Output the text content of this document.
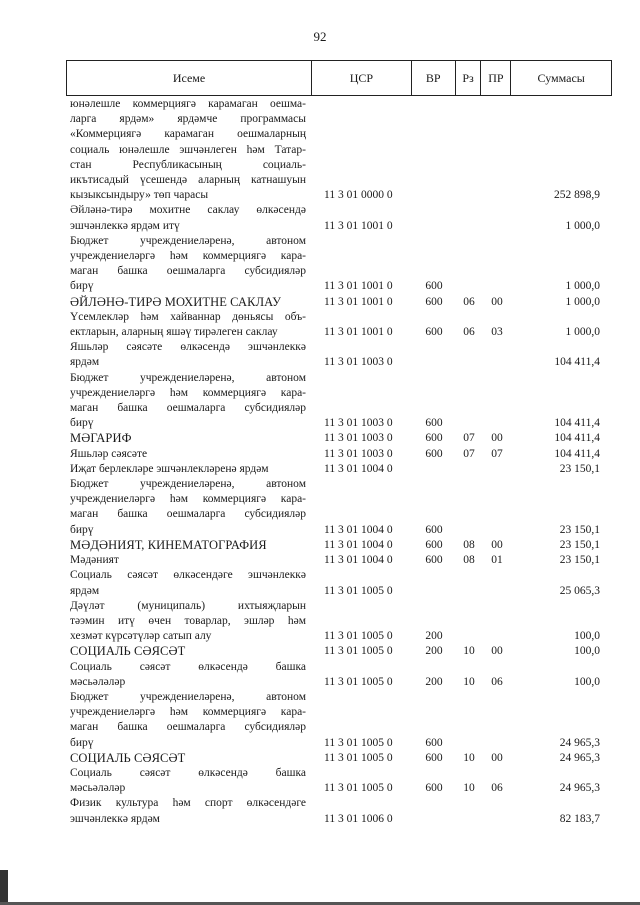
92
Исеме	ЦСР	ВР	Рз	ПР	Суммасы
юнәлешле коммерциягә карамаган оешма-
ларга ярдәм» ярдәмче программасы
«Коммерциягә карамаган оешмаларның
социаль юнәлешле эшчәнлеген һәм Татар-
стан Республикасының социаль-
икътисадый үсешендә аларның катнашуын
кызыксындыру» төп чарасы	11 3 01 0000 0	252 898,9
Әйләнә-тирә мохитне саклау өлкәсендә
эшчәнлеккә ярдәм итү	11 3 01 1001 0	1 000,0
Бюджет учреждениеләренә, автоном
учреждениеләргә һәм коммерциягә кара-
маган башка оешмаларга субсидияләр
бирү	11 3 01 1001 0	600	1 000,0
ӘЙЛӘНӘ-ТИРӘ МОХИТНЕ САКЛАУ	11 3 01 1001 0	600	06	00	1 000,0
Үсемлекләр һәм хайваннар дөньясы объ-
ектларын, аларның яшәү тирәлеген саклау	11 3 01 1001 0	600	06	03	1 000,0
Яшьләр сәясәте өлкәсендә эшчәнлеккә
ярдәм	11 3 01 1003 0	104 411,4
Бюджет учреждениеләренә, автоном
учреждениеләргә һәм коммерциягә кара-
маган башка оешмаларга субсидияләр
бирү	11 3 01 1003 0	600	104 411,4
МӘГАРИФ	11 3 01 1003 0	600	07	00	104 411,4
Яшьләр сәясәте	11 3 01 1003 0	600	07	07	104 411,4
Иҗат берлекләре эшчәнлекләренә ярдәм	11 3 01 1004 0	23 150,1
Бюджет учреждениеләренә, автоном
учреждениеләргә һәм коммерциягә кара-
маган башка оешмаларга субсидияләр
бирү	11 3 01 1004 0	600	23 150,1
МӘДӘНИЯТ, КИНЕМАТОГРАФИЯ	11 3 01 1004 0	600	08	00	23 150,1
Мәдәният	11 3 01 1004 0	600	08	01	23 150,1
Социаль сәясәт өлкәсендәге эшчәнлеккә
ярдәм	11 3 01 1005 0	25 065,3
Дәүләт (муниципаль) ихтыяҗларын
тәэмин итү өчен товарлар, эшләр һәм
хезмәт күрсәтүләр сатып алу	11 3 01 1005 0	200	100,0
СОЦИАЛЬ СӘЯСӘТ	11 3 01 1005 0	200	10	00	100,0
Социаль сәясәт өлкәсендә башка
мәсьәләләр	11 3 01 1005 0	200	10	06	100,0
Бюджет учреждениеләренә, автоном
учреждениеләргә һәм коммерциягә кара-
маган башка оешмаларга субсидияләр
бирү	11 3 01 1005 0	600	24 965,3
СОЦИАЛЬ СӘЯСӘТ	11 3 01 1005 0	600	10	00	24 965,3
Социаль сәясәт өлкәсендә башка
мәсьәләләр	11 3 01 1005 0	600	10	06	24 965,3
Физик культура һәм спорт өлкәсендәге
эшчәнлеккә ярдәм	11 3 01 1006 0	82 183,7
